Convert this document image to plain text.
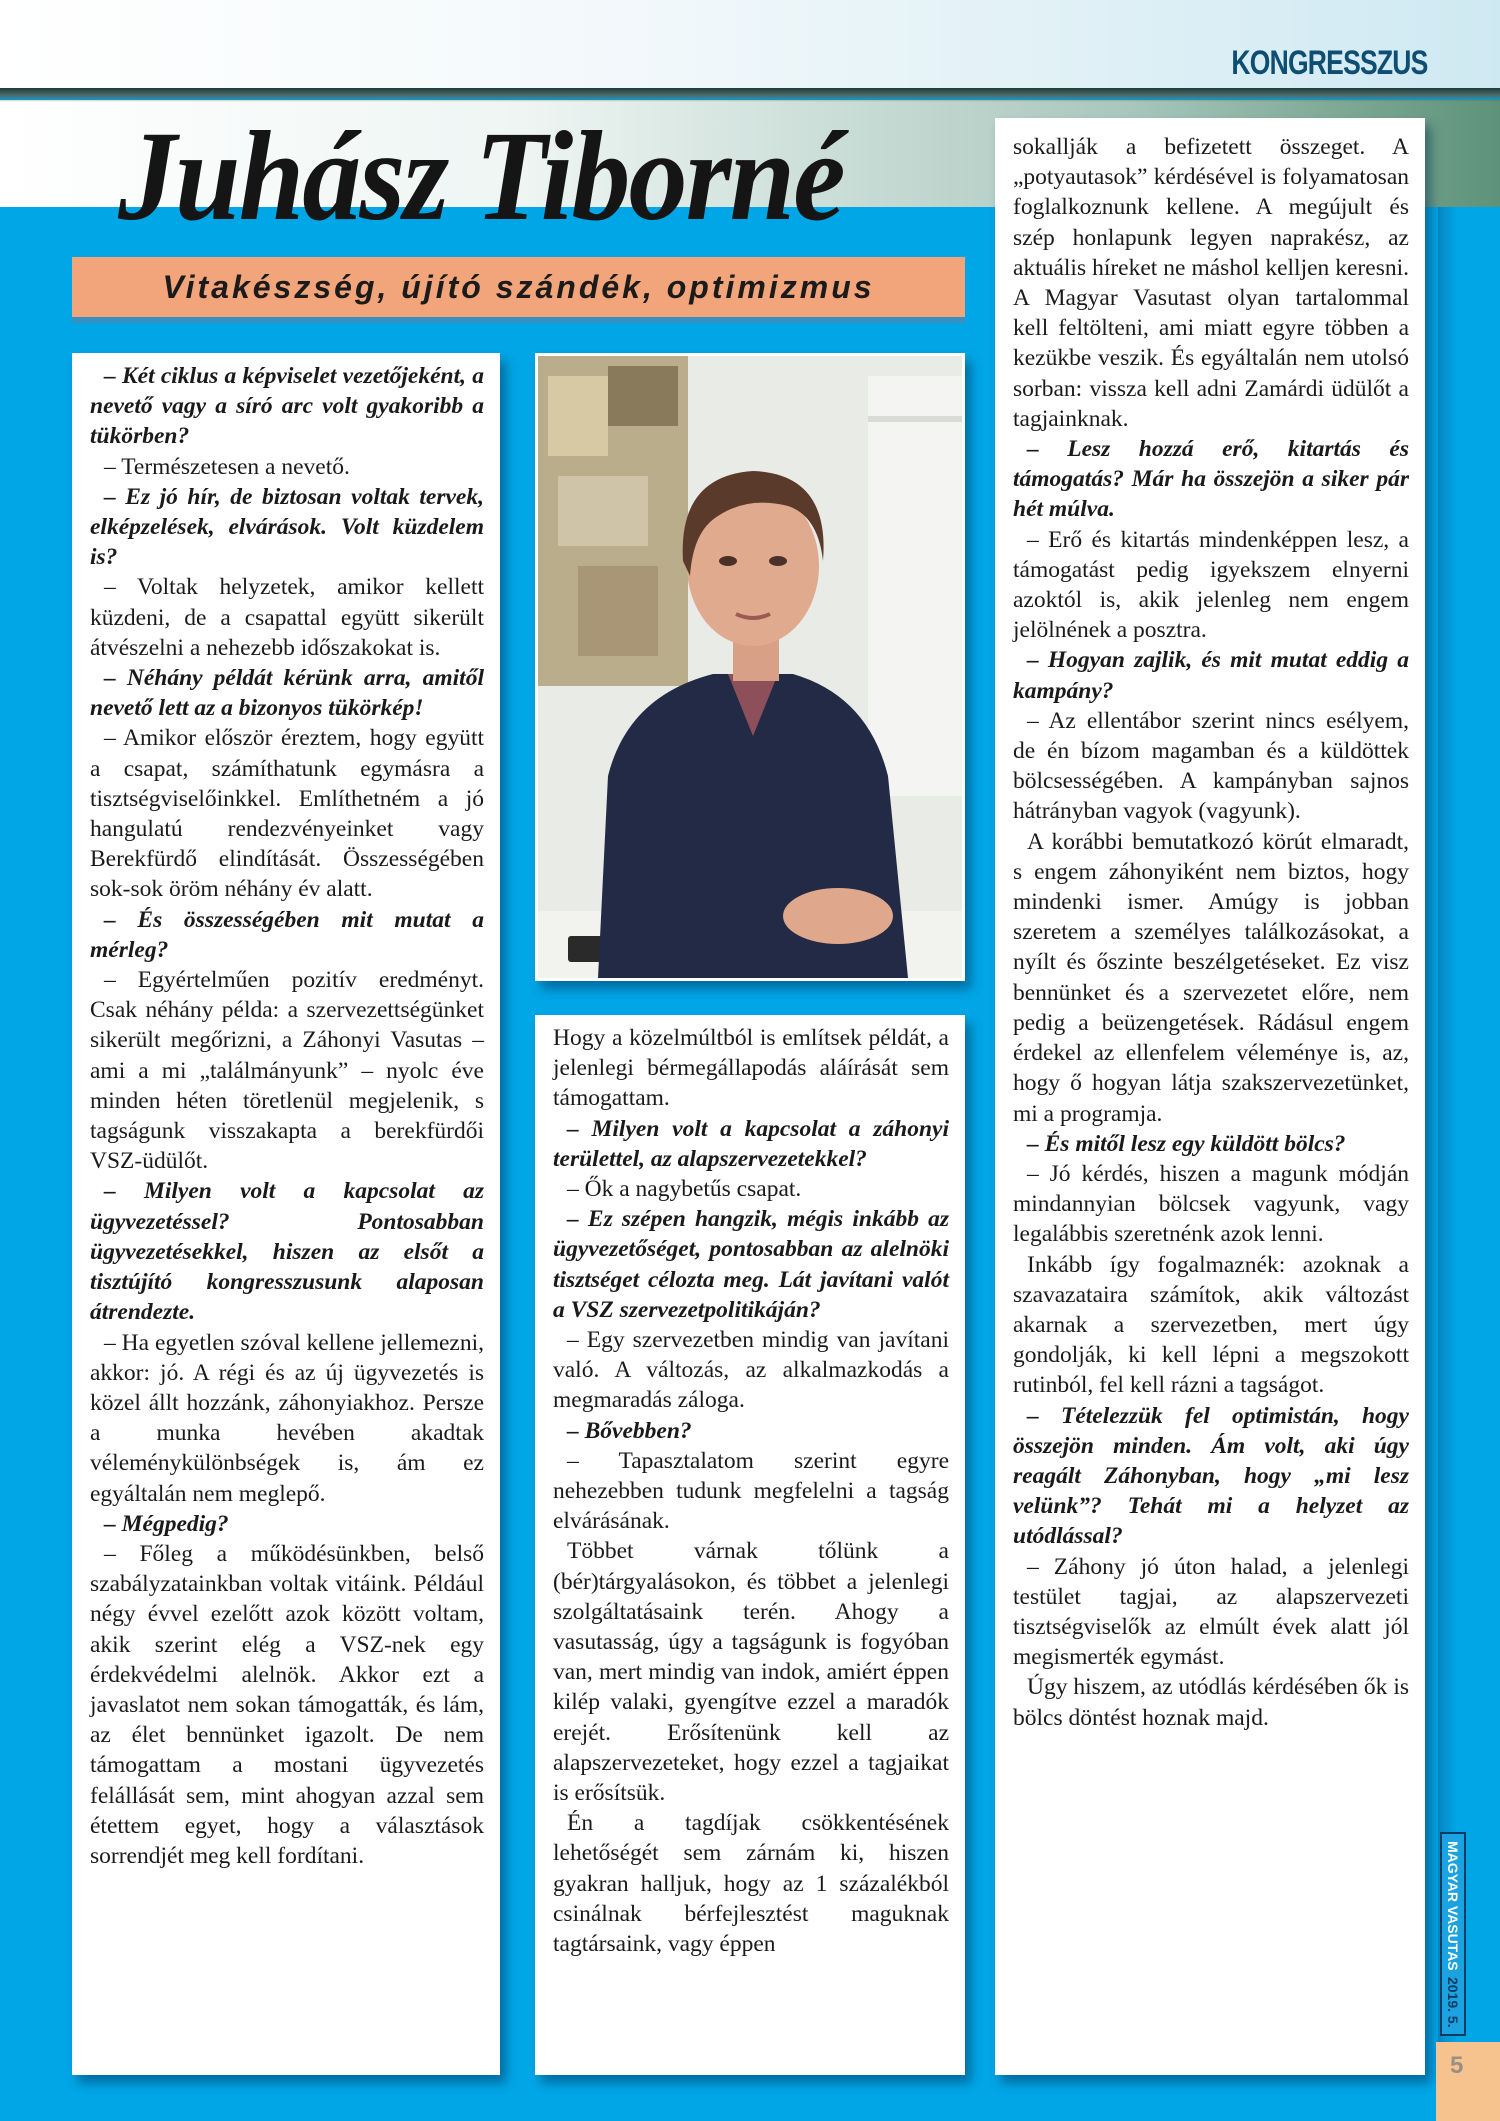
KONGRESSZUS
Juhász Tiborné
Vitakészség, újító szándék, optimizmus

– Két ciklus a képviselet vezetőjeként, a nevető vagy a síró arc volt gyakoribb a tükörben?

– Természetesen a nevető.

– Ez jó hír, de biztosan voltak tervek, elképzelések, elvárások. Volt küzdelem is?

– Voltak helyzetek, amikor kellett küzdeni, de a csapattal együtt sikerült átvészelni a nehezebb időszakokat is.

– Néhány példát kérünk arra, amitől nevető lett az a bizonyos tükörkép!

– Amikor először éreztem, hogy együtt a csapat, számíthatunk egymásra a tisztségviselőinkkel. Említhetném a jó hangulatú rendezvényeinket vagy Berekfürdő elindítását. Összességében sok-sok öröm néhány év alatt.

– És összességében mit mutat a mérleg?

– Egyértelműen pozitív eredményt. Csak néhány példa: a szervezettségünket sikerült megőrizni, a Záhonyi Vasutas – ami a mi „találmányunk” – nyolc éve minden héten töretlenül megjelenik, s tagságunk visszakapta a berekfürdői VSZ-üdülőt.

– Milyen volt a kapcsolat az ügyvezetéssel? Pontosabban ügyvezetésekkel, hiszen az elsőt a tisztújító kongresszusunk alaposan átrendezte.

– Ha egyetlen szóval kellene jellemezni, akkor: jó. A régi és az új ügyvezetés is közel állt hozzánk, záhonyiakhoz. Persze a munka hevében akadtak véleménykülönbségek is, ám ez egyáltalán nem meglepő.

– Mégpedig?

– Főleg a működésünkben, belső szabályzatainkban voltak vitáink. Például négy évvel ezelőtt azok között voltam, akik szerint elég a VSZ-nek egy érdekvédelmi alelnök. Akkor ezt a javaslatot nem sokan támogatták, és lám, az élet bennünket igazolt. De nem támogattam a mostani ügyvezetés felállását sem, mint ahogyan azzal sem étettem egyet, hogy a választások sorrendjét meg kell fordítani.

Hogy a közelmúltból is említsek példát, a jelenlegi bérmegállapodás aláírását sem támogattam.

– Milyen volt a kapcsolat a záhonyi területtel, az alapszervezetekkel?

– Ők a nagybetűs csapat.

– Ez szépen hangzik, mégis inkább az ügyvezetőséget, pontosabban az alelnöki tisztséget célozta meg. Lát javítani valót a VSZ szervezetpolitikáján?

– Egy szervezetben mindig van javítani való. A változás, az alkalmazkodás a megmaradás záloga.

– Bővebben?

– Tapasztalatom szerint egyre nehezebben tudunk megfelelni a tagság elvárásának.

Többet várnak tőlünk a (bér)tárgyalásokon, és többet a jelenlegi szolgáltatásaink terén. Ahogy a vasutasság, úgy a tagságunk is fogyóban van, mert mindig van indok, amiért éppen kilép valaki, gyengítve ezzel a maradók erejét. Erősítenünk kell az alapszervezeteket, hogy ezzel a tagjaikat is erősítsük.

Én a tagdíjak csökkentésének lehetőségét sem zárnám ki, hiszen gyakran halljuk, hogy az 1 százalékból csinálnak bérfejlesztést maguknak tagtársaink, vagy éppen

sokallják a befizetett összeget. A „potyautasok” kérdésével is folyamatosan foglalkoznunk kellene. A megújult és szép honlapunk legyen naprakész, az aktuális híreket ne máshol kelljen keresni. A Magyar Vasutast olyan tartalommal kell feltölteni, ami miatt egyre többen a kezükbe veszik. És egyáltalán nem utolsó sorban: vissza kell adni Zamárdi üdülőt a tagjainknak.

– Lesz hozzá erő, kitartás és támogatás? Már ha összejön a siker pár hét múlva.

– Erő és kitartás mindenképpen lesz, a támogatást pedig igyekszem elnyerni azoktól is, akik jelenleg nem engem jelölnének a posztra.

– Hogyan zajlik, és mit mutat eddig a kampány?

– Az ellentábor szerint nincs esélyem, de én bízom magamban és a küldöttek bölcsességében. A kampányban sajnos hátrányban vagyok (vagyunk).

A korábbi bemutatkozó körút elmaradt, s engem záhonyiként nem biztos, hogy mindenki ismer. Amúgy is jobban szeretem a személyes találkozásokat, a nyílt és őszinte beszélgetéseket. Ez visz bennünket és a szervezetet előre, nem pedig a beüzengetések. Rádásul engem érdekel az ellenfelem véleménye is, az, hogy ő hogyan látja szakszervezetünket, mi a programja.

– És mitől lesz egy küldött bölcs?

– Jó kérdés, hiszen a magunk módján mindannyian bölcsek vagyunk, vagy legalábbis szeretnénk azok lenni.

Inkább így fogalmaznék: azoknak a szavazataira számítok, akik változást akarnak a szervezetben, mert úgy gondolják, ki kell lépni a megszokott rutinból, fel kell rázni a tagságot.

– Tételezzük fel optimistán, hogy összejön minden. Ám volt, aki úgy reagált Záhonyban, hogy „mi lesz velünk”? Tehát mi a helyzet az utódlással?

– Záhony jó úton halad, a jelenlegi testület tagjai, az alapszervezeti tisztségviselők az elmúlt évek alatt jól megismerték egymást.

Úgy hiszem, az utódlás kérdésében ők is bölcs döntést hoznak majd.

5
MAGYAR VASUTAS2019. 5.
